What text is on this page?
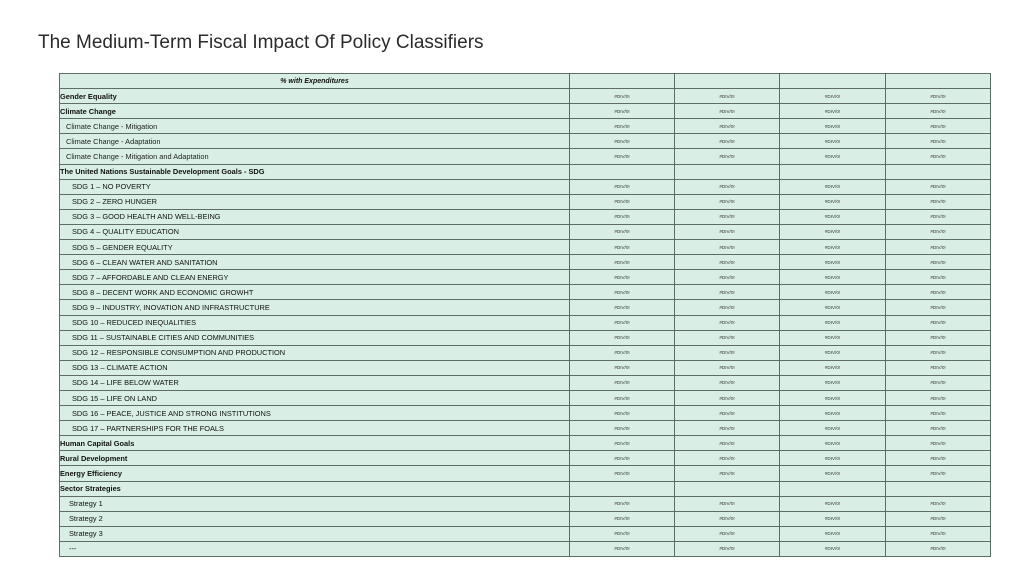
The Medium-Term Fiscal Impact Of Policy Classifiers
% with Expenditures				
Gender Equality	#DIV/0!	#DIV/0!	#DIV/0!	#DIV/0!
Climate Change	#DIV/0!	#DIV/0!	#DIV/0!	#DIV/0!
Climate Change - Mitigation	#DIV/0!	#DIV/0!	#DIV/0!	#DIV/0!
Climate Change - Adaptation	#DIV/0!	#DIV/0!	#DIV/0!	#DIV/0!
Climate Change - Mitigation and Adaptation	#DIV/0!	#DIV/0!	#DIV/0!	#DIV/0!
The United Nations Sustainable Development Goals - SDG				
SDG 1 – NO POVERTY	#DIV/0!	#DIV/0!	#DIV/0!	#DIV/0!
SDG 2 – ZERO HUNGER	#DIV/0!	#DIV/0!	#DIV/0!	#DIV/0!
SDG 3 – GOOD HEALTH AND WELL-BEING	#DIV/0!	#DIV/0!	#DIV/0!	#DIV/0!
SDG 4 – QUALITY EDUCATION	#DIV/0!	#DIV/0!	#DIV/0!	#DIV/0!
SDG 5 – GENDER EQUALITY	#DIV/0!	#DIV/0!	#DIV/0!	#DIV/0!
SDG 6 – CLEAN WATER AND SANITATION	#DIV/0!	#DIV/0!	#DIV/0!	#DIV/0!
SDG 7 – AFFORDABLE AND CLEAN ENERGY	#DIV/0!	#DIV/0!	#DIV/0!	#DIV/0!
SDG 8 – DECENT WORK AND ECONOMIC GROWHT	#DIV/0!	#DIV/0!	#DIV/0!	#DIV/0!
SDG 9 – INDUSTRY, INOVATION AND INFRASTRUCTURE	#DIV/0!	#DIV/0!	#DIV/0!	#DIV/0!
SDG 10 – REDUCED INEQUALITIES	#DIV/0!	#DIV/0!	#DIV/0!	#DIV/0!
SDG 11 – SUSTAINABLE CITIES AND COMMUNITIES	#DIV/0!	#DIV/0!	#DIV/0!	#DIV/0!
SDG 12 – RESPONSIBLE CONSUMPTION AND PRODUCTION	#DIV/0!	#DIV/0!	#DIV/0!	#DIV/0!
SDG 13 – CLIMATE ACTION	#DIV/0!	#DIV/0!	#DIV/0!	#DIV/0!
SDG 14 – LIFE BELOW WATER	#DIV/0!	#DIV/0!	#DIV/0!	#DIV/0!
SDG 15 – LIFE ON LAND	#DIV/0!	#DIV/0!	#DIV/0!	#DIV/0!
SDG 16 – PEACE, JUSTICE AND STRONG INSTITUTIONS	#DIV/0!	#DIV/0!	#DIV/0!	#DIV/0!
SDG 17 – PARTNERSHIPS FOR THE FOALS	#DIV/0!	#DIV/0!	#DIV/0!	#DIV/0!
Human Capital Goals	#DIV/0!	#DIV/0!	#DIV/0!	#DIV/0!
Rural Development	#DIV/0!	#DIV/0!	#DIV/0!	#DIV/0!
Energy Efficiency	#DIV/0!	#DIV/0!	#DIV/0!	#DIV/0!
Sector Strategies				
Strategy 1	#DIV/0!	#DIV/0!	#DIV/0!	#DIV/0!
Strategy 2	#DIV/0!	#DIV/0!	#DIV/0!	#DIV/0!
Strategy 3	#DIV/0!	#DIV/0!	#DIV/0!	#DIV/0!
---	#DIV/0!	#DIV/0!	#DIV/0!	#DIV/0!
